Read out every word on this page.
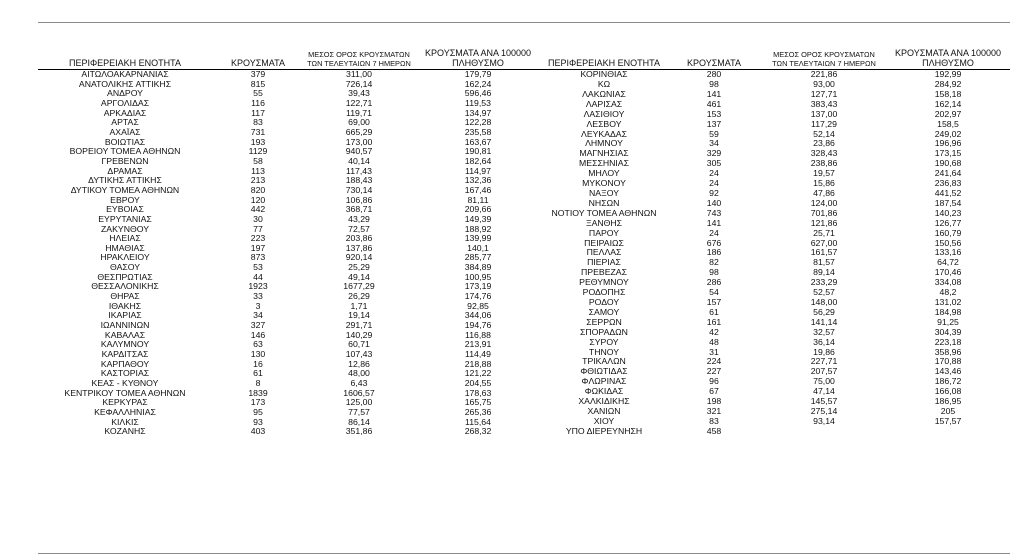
ΠΕΡΙΦΕΡΕΙΑΚΗ ΕΝΟΤΗΤΑ	ΚΡΟΥΣΜΑΤΑ	ΜΕΣΟΣ ΟΡΟΣ ΚΡΟΥΣΜΑΤΩΝ
ΤΩΝ ΤΕΛΕΥΤΑΙΩΝ 7 ΗΜΕΡΩΝ	ΚΡΟΥΣΜΑΤΑ ΑΝΑ 100000
ΠΛΗΘΥΣΜΟ
ΑΙΤΩΛΟΑΚΑΡΝΑΝΙΑΣ	379	311,00	179,79
ΑΝΑΤΟΛΙΚΗΣ ΑΤΤΙΚΗΣ	815	726,14	162,24
ΑΝΔΡΟΥ	55	39,43	596,46
ΑΡΓΟΛΙΔΑΣ	116	122,71	119,53
ΑΡΚΑΔΙΑΣ	117	119,71	134,97
ΑΡΤΑΣ	83	69,00	122,28
ΑΧΑΪΑΣ	731	665,29	235,58
ΒΟΙΩΤΙΑΣ	193	173,00	163,67
ΒΟΡΕΙΟΥ ΤΟΜΕΑ ΑΘΗΝΩΝ	1129	940,57	190,81
ΓΡΕΒΕΝΩΝ	58	40,14	182,64
ΔΡΑΜΑΣ	113	117,43	114,97
ΔΥΤΙΚΗΣ ΑΤΤΙΚΗΣ	213	188,43	132,36
ΔΥΤΙΚΟΥ ΤΟΜΕΑ ΑΘΗΝΩΝ	820	730,14	167,46
ΕΒΡΟΥ	120	106,86	81,11
ΕΥΒΟΙΑΣ	442	368,71	209,66
ΕΥΡΥΤΑΝΙΑΣ	30	43,29	149,39
ΖΑΚΥΝΘΟΥ	77	72,57	188,92
ΗΛΕΙΑΣ	223	203,86	139,99
ΗΜΑΘΙΑΣ	197	137,86	140,1
ΗΡΑΚΛΕΙΟΥ	873	920,14	285,77
ΘΑΣΟΥ	53	25,29	384,89
ΘΕΣΠΡΩΤΙΑΣ	44	49,14	100,95
ΘΕΣΣΑΛΟΝΙΚΗΣ	1923	1677,29	173,19
ΘΗΡΑΣ	33	26,29	174,76
ΙΘΑΚΗΣ	3	1,71	92,85
ΙΚΑΡΙΑΣ	34	19,14	344,06
ΙΩΑΝΝΙΝΩΝ	327	291,71	194,76
ΚΑΒΑΛΑΣ	146	140,29	116,88
ΚΑΛΥΜΝΟΥ	63	60,71	213,91
ΚΑΡΔΙΤΣΑΣ	130	107,43	114,49
ΚΑΡΠΑΘΟΥ	16	12,86	218,88
ΚΑΣΤΟΡΙΑΣ	61	48,00	121,22
ΚΕΑΣ - ΚΥΘΝΟΥ	8	6,43	204,55
ΚΕΝΤΡΙΚΟΥ ΤΟΜΕΑ ΑΘΗΝΩΝ	1839	1606,57	178,63
ΚΕΡΚΥΡΑΣ	173	125,00	165,75
ΚΕΦΑΛΛΗΝΙΑΣ	95	77,57	265,36
ΚΙΛΚΙΣ	93	86,14	115,64
ΚΟΖΑΝΗΣ	403	351,86	268,32
ΠΕΡΙΦΕΡΕΙΑΚΗ ΕΝΟΤΗΤΑ	ΚΡΟΥΣΜΑΤΑ	ΜΕΣΟΣ ΟΡΟΣ ΚΡΟΥΣΜΑΤΩΝ
ΤΩΝ ΤΕΛΕΥΤΑΙΩΝ 7 ΗΜΕΡΩΝ	ΚΡΟΥΣΜΑΤΑ ΑΝΑ 100000
ΠΛΗΘΥΣΜΟ
ΚΟΡΙΝΘΙΑΣ	280	221,86	192,99
ΚΩ	98	93,00	284,92
ΛΑΚΩΝΙΑΣ	141	127,71	158,18
ΛΑΡΙΣΑΣ	461	383,43	162,14
ΛΑΣΙΘΙΟΥ	153	137,00	202,97
ΛΕΣΒΟΥ	137	117,29	158,5
ΛΕΥΚΑΔΑΣ	59	52,14	249,02
ΛΗΜΝΟΥ	34	23,86	196,96
ΜΑΓΝΗΣΙΑΣ	329	328,43	173,15
ΜΕΣΣΗΝΙΑΣ	305	238,86	190,68
ΜΗΛΟΥ	24	19,57	241,64
ΜΥΚΟΝΟΥ	24	15,86	236,83
ΝΑΞΟΥ	92	47,86	441,52
ΝΗΣΩΝ	140	124,00	187,54
ΝΟΤΙΟΥ ΤΟΜΕΑ ΑΘΗΝΩΝ	743	701,86	140,23
ΞΑΝΘΗΣ	141	121,86	126,77
ΠΑΡΟΥ	24	25,71	160,79
ΠΕΙΡΑΙΩΣ	676	627,00	150,56
ΠΕΛΛΑΣ	186	161,57	133,16
ΠΙΕΡΙΑΣ	82	81,57	64,72
ΠΡΕΒΕΖΑΣ	98	89,14	170,46
ΡΕΘΥΜΝΟΥ	286	233,29	334,08
ΡΟΔΟΠΗΣ	54	52,57	48,2
ΡΟΔΟΥ	157	148,00	131,02
ΣΑΜΟΥ	61	56,29	184,98
ΣΕΡΡΩΝ	161	141,14	91,25
ΣΠΟΡΑΔΩΝ	42	32,57	304,39
ΣΥΡΟΥ	48	36,14	223,18
ΤΗΝΟΥ	31	19,86	358,96
ΤΡΙΚΑΛΩΝ	224	227,71	170,88
ΦΘΙΩΤΙΔΑΣ	227	207,57	143,46
ΦΛΩΡΙΝΑΣ	96	75,00	186,72
ΦΩΚΙΔΑΣ	67	47,14	166,08
ΧΑΛΚΙΔΙΚΗΣ	198	145,57	186,95
ΧΑΝΙΩΝ	321	275,14	205
ΧΙΟΥ	83	93,14	157,57
ΥΠΟ ΔΙΕΡΕΥΝΗΣΗ	458		
